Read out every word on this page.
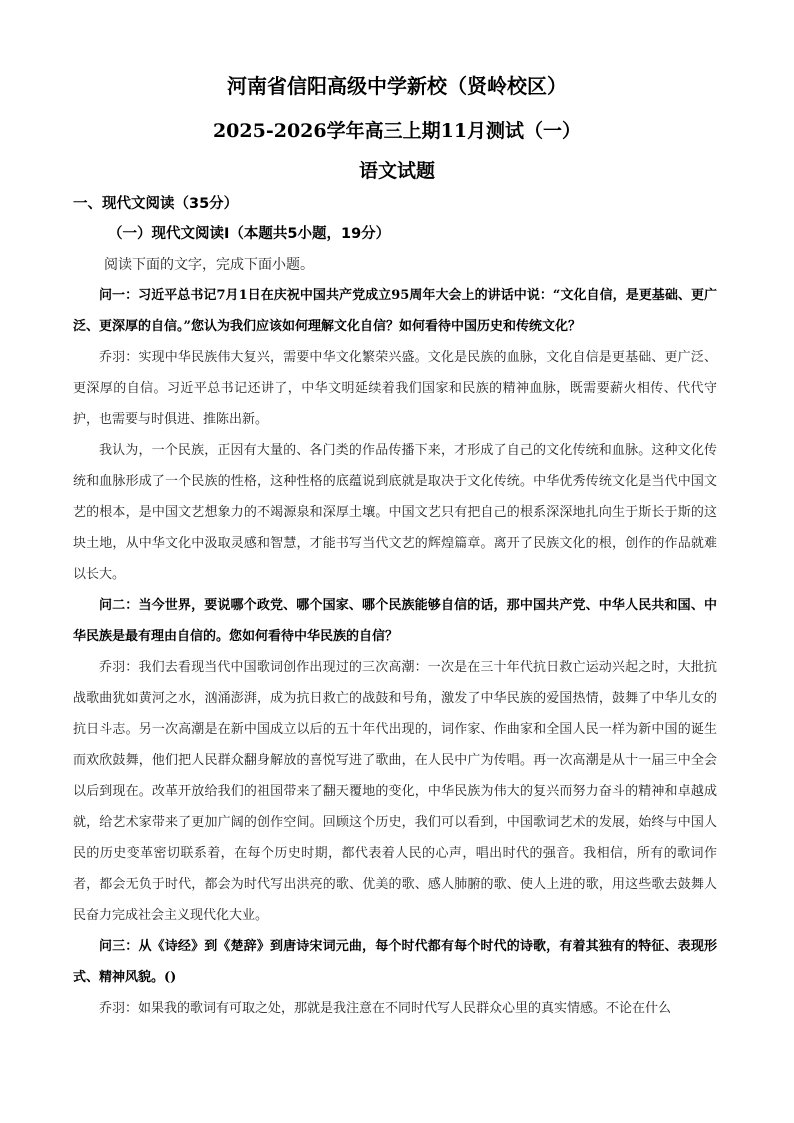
河南省信阳高级中学新校（贤岭校区）
2025-2026学年高三上期11月测试（一）
语文试题
一、现代文阅读（35分）
（一）现代文阅读Ⅰ（本题共5小题，19分）
阅读下面的文字，完成下面小题。

问一：习近平总书记7月1日在庆祝中国共产党成立95周年大会上的讲话中说：“文化自信，是更基础、更广泛、更深厚的自信。”您认为我们应该如何理解文化自信？如何看待中国历史和传统文化？

乔羽：实现中华民族伟大复兴，需要中华文化繁荣兴盛。文化是民族的血脉，文化自信是更基础、更广泛、更深厚的自信。习近平总书记还讲了，中华文明延续着我们国家和民族的精神血脉，既需要薪火相传、代代守护，也需要与时俱进、推陈出新。

我认为，一个民族，正因有大量的、各门类的作品传播下来，才形成了自己的文化传统和血脉。这种文化传统和血脉形成了一个民族的性格，这种性格的底蕴说到底就是取决于文化传统。中华优秀传统文化是当代中国文艺的根本，是中国文艺想象力的不竭源泉和深厚土壤。中国文艺只有把自己的根系深深地扎向生于斯长于斯的这块土地，从中华文化中汲取灵感和智慧，才能书写当代文艺的辉煌篇章。离开了民族文化的根，创作的作品就难以长大。

问二：当今世界，要说哪个政党、哪个国家、哪个民族能够自信的话，那中国共产党、中华人民共和国、中华民族是最有理由自信的。您如何看待中华民族的自信？

乔羽：我们去看现当代中国歌词创作出现过的三次高潮：一次是在三十年代抗日救亡运动兴起之时，大批抗战歌曲犹如黄河之水，汹涌澎湃，成为抗日救亡的战鼓和号角，激发了中华民族的爱国热情，鼓舞了中华儿女的抗日斗志。另一次高潮是在新中国成立以后的五十年代出现的，词作家、作曲家和全国人民一样为新中国的诞生而欢欣鼓舞，他们把人民群众翻身解放的喜悦写进了歌曲，在人民中广为传唱。再一次高潮是从十一届三中全会以后到现在。改革开放给我们的祖国带来了翻天覆地的变化，中华民族为伟大的复兴而努力奋斗的精神和卓越成就，给艺术家带来了更加广阔的创作空间。回顾这个历史，我们可以看到，中国歌词艺术的发展，始终与中国人民的历史变革密切联系着，在每个历史时期，都代表着人民的心声，唱出时代的强音。我相信，所有的歌词作者，都会无负于时代，都会为时代写出洪亮的歌、优美的歌、感人肺腑的歌、使人上进的歌，用这些歌去鼓舞人民奋力完成社会主义现代化大业。

问三：从《诗经》到《楚辞》到唐诗宋词元曲，每个时代都有每个时代的诗歌，有着其独有的特征、表现形式、精神风貌。()

乔羽：如果我的歌词有可取之处，那就是我注意在不同时代写人民群众心里的真实情感。不论在什么
